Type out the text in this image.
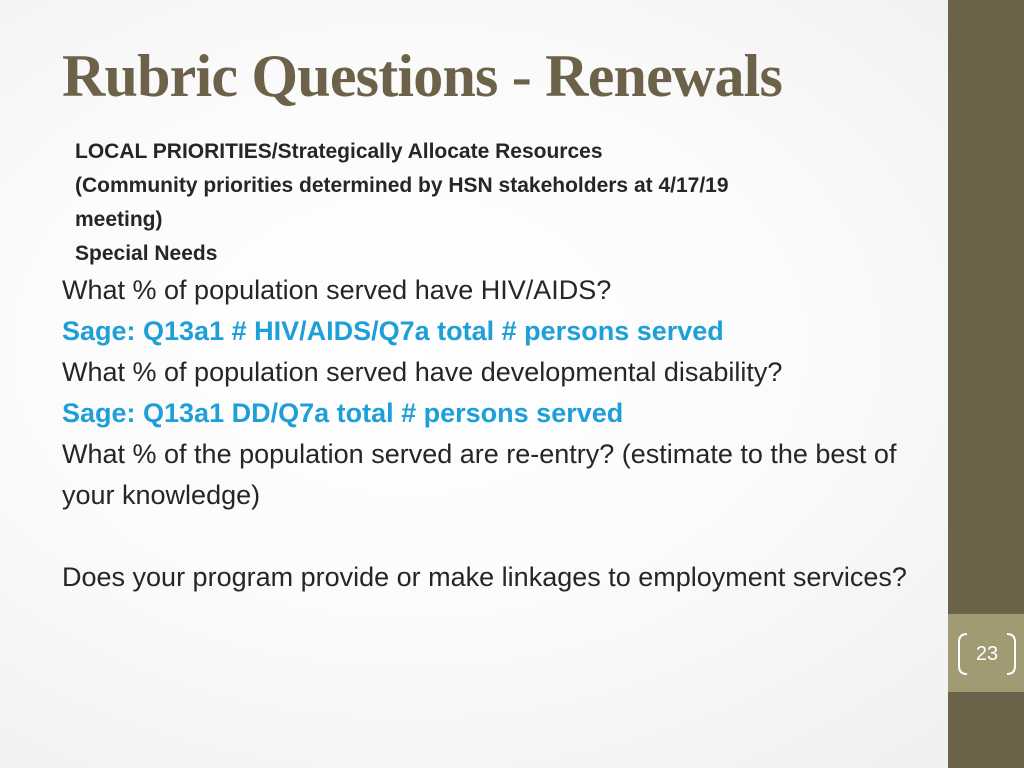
Rubric Questions - Renewals
LOCAL PRIORITIES/Strategically Allocate Resources
(Community priorities determined by HSN stakeholders at 4/17/19
meeting)
Special Needs
What % of population served have HIV/AIDS?
Sage: Q13a1 # HIV/AIDS/Q7a total # persons served
What % of population served have developmental disability?
Sage: Q13a1 DD/Q7a total # persons served
What % of the population served are re-entry? (estimate to the best of your knowledge)
Does your program provide or make linkages to employment services?
23
